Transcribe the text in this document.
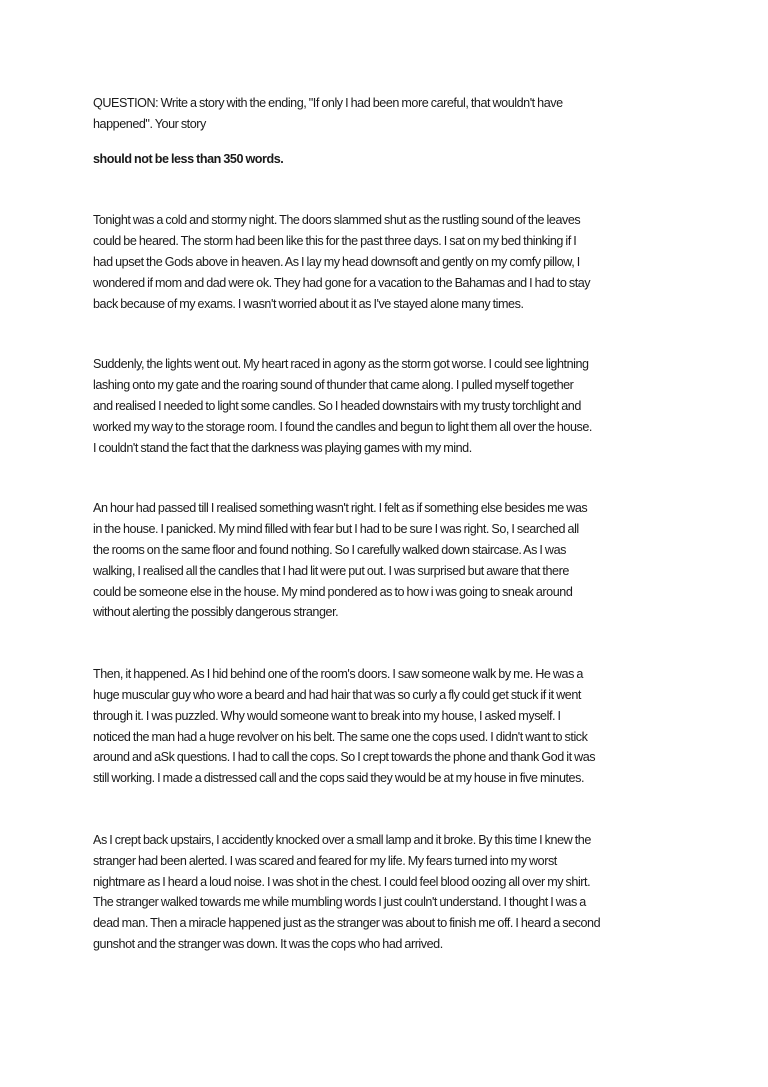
QUESTION: Write a story with the ending, "If only I had been more careful, that wouldn't have
happened". Your story
should not be less than 350 words.
Tonight was a cold and stormy night. The doors slammed shut as the rustling sound of the leaves
could be heared. The storm had been like this for the past three days. I sat on my bed thinking if I
had upset the Gods above in heaven. As I lay my head downsoft and gently on my comfy pillow, I
wondered if mom and dad were ok. They had gone for a vacation to the Bahamas and I had to stay
back because of my exams. I wasn't worried about it as I've stayed alone many times.
Suddenly, the lights went out. My heart raced in agony as the storm got worse. I could see lightning
lashing onto my gate and the roaring sound of thunder that came along. I pulled myself together
and realised I needed to light some candles. So I headed downstairs with my trusty torchlight and
worked my way to the storage room. I found the candles and begun to light them all over the house.
I couldn't stand the fact that the darkness was playing games with my mind.
An hour had passed till I realised something wasn't right. I felt as if something else besides me was
in the house. I panicked. My mind filled with fear but I had to be sure I was right. So, I searched all
the rooms on the same floor and found nothing. So I carefully walked down staircase. As I was
walking, I realised all the candles that I had lit were put out. I was surprised but aware that there
could be someone else in the house. My mind pondered as to how i was going to sneak around
without alerting the possibly dangerous stranger.
Then, it happened. As I hid behind one of the room's doors. I saw someone walk by me. He was a
huge muscular guy who wore a beard and had hair that was so curly a fly could get stuck if it went
through it. I was puzzled. Why would someone want to break into my house, I asked myself. I
noticed the man had a huge revolver on his belt. The same one the cops used. I didn't want to stick
around and aSk questions. I had to call the cops. So I crept towards the phone and thank God it was
still working. I made a distressed call and the cops said they would be at my house in five minutes.
As I crept back upstairs, I accidently knocked over a small lamp and it broke. By this time I knew the
stranger had been alerted. I was scared and feared for my life. My fears turned into my worst
nightmare as I heard a loud noise. I was shot in the chest. I could feel blood oozing all over my shirt.
The stranger walked towards me while mumbling words I just couln't understand. I thought I was a
dead man. Then a miracle happened just as the stranger was about to finish me off. I heard a second
gunshot and the stranger was down. It was the cops who had arrived.
